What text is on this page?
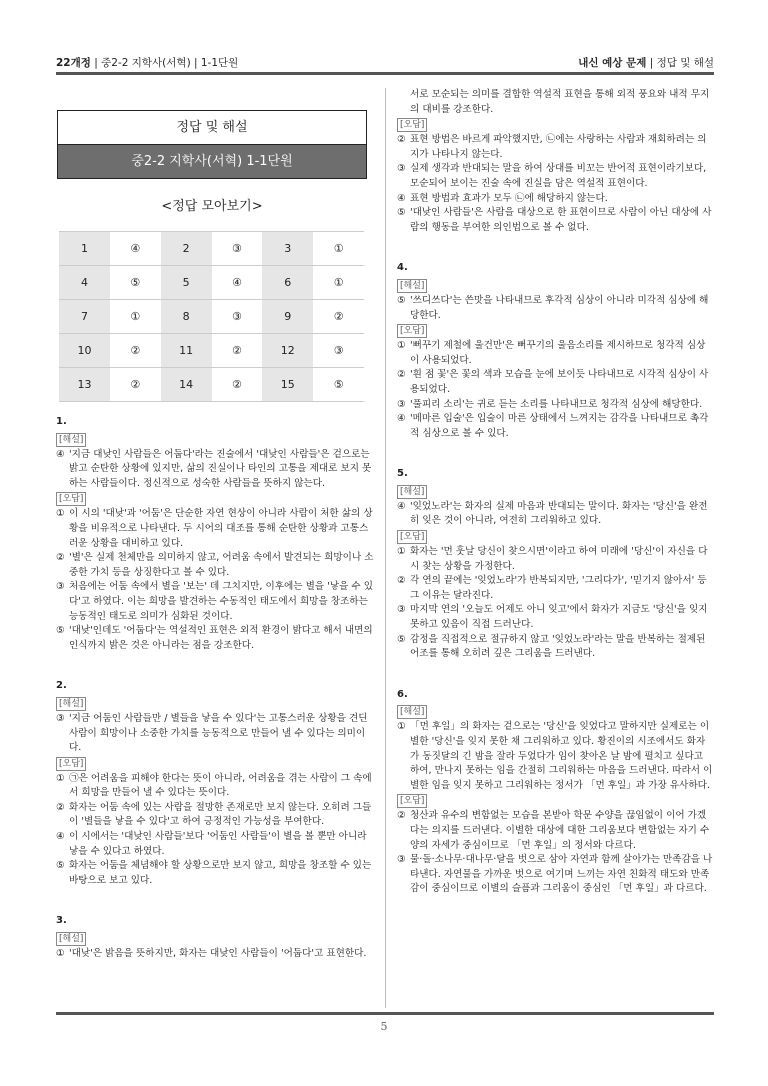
22개정 | 중2-2 지학사(서혁) | 1-1단원	내신 예상 문제 | 정답 및 해설
정답 및 해설
중2-2 지학사(서혁) 1-1단원
<정답 모아보기>
1	④	2	③	3	①
4	⑤	5	④	6	①
7	①	8	③	9	②
10	②	11	②	12	③
13	②	14	②	15	⑤
1.
[해설]
④ '지금 대낮인 사람들은 어둡다'라는 진술에서 '대낮인 사람들'은 겉으로는 밝고 순탄한 상황에 있지만, 삶의 진실이나 타인의 고통을 제대로 보지 못하는 사람들이다. 정신적으로 성숙한 사람들을 뜻하지 않는다.
[오답]
① 이 시의 '대낮'과 '어둠'은 단순한 자연 현상이 아니라 사람이 처한 삶의 상황을 비유적으로 나타낸다. 두 시어의 대조를 통해 순탄한 상황과 고통스러운 상황을 대비하고 있다.
② '별'은 실제 천체만을 의미하지 않고, 어려움 속에서 발견되는 희망이나 소중한 가치 등을 상징한다고 볼 수 있다.
③ 처음에는 어둠 속에서 별을 '보는' 데 그치지만, 이후에는 별을 '낳을 수 있다'고 하였다. 이는 희망을 발견하는 수동적인 태도에서 희망을 창조하는 능동적인 태도로 의미가 심화된 것이다.
⑤ '대낮'인데도 '어둡다'는 역설적인 표현은 외적 환경이 밝다고 해서 내면의 인식까지 밝은 것은 아니라는 점을 강조한다.
2.
[해설]
③ '지금 어둠인 사람들만 / 별들을 낳을 수 있다'는 고통스러운 상황을 견딘 사람이 희망이나 소중한 가치를 능동적으로 만들어 낼 수 있다는 의미이다.
[오답]
① ㉠은 어려움을 피해야 한다는 뜻이 아니라, 어려움을 겪는 사람이 그 속에서 희망을 만들어 낼 수 있다는 뜻이다.
② 화자는 어둠 속에 있는 사람을 절망한 존재로만 보지 않는다. 오히려 그들이 '별들을 낳을 수 있다'고 하여 긍정적인 가능성을 부여한다.
④ 이 시에서는 '대낮인 사람들'보다 '어둠인 사람들'이 별을 볼 뿐만 아니라 낳을 수 있다고 하였다.
⑤ 화자는 어둠을 체념해야 할 상황으로만 보지 않고, 희망을 창조할 수 있는 바탕으로 보고 있다.
3.
[해설]
① '대낮'은 밝음을 뜻하지만, 화자는 대낮인 사람들이 '어둡다'고 표현한다.
서로 모순되는 의미를 결합한 역설적 표현을 통해 외적 풍요와 내적 무지의 대비를 강조한다.
[오답]
② 표현 방법은 바르게 파악했지만, ㉡에는 사랑하는 사람과 재회하려는 의지가 나타나지 않는다.
③ 실제 생각과 반대되는 말을 하여 상대를 비꼬는 반어적 표현이라기보다, 모순되어 보이는 진술 속에 진실을 담은 역설적 표현이다.
④ 표현 방법과 효과가 모두 ㉡에 해당하지 않는다.
⑤ '대낮인 사람들'은 사람을 대상으로 한 표현이므로 사람이 아닌 대상에 사람의 행동을 부여한 의인법으로 볼 수 없다.
4.
[해설]
⑤ '쓰디쓰다'는 쓴맛을 나타내므로 후각적 심상이 아니라 미각적 심상에 해당한다.
[오답]
① '뻐꾸기 제철에 울건만'은 뻐꾸기의 울음소리를 제시하므로 청각적 심상이 사용되었다.
② '흰 점 꽃'은 꽃의 색과 모습을 눈에 보이듯 나타내므로 시각적 심상이 사용되었다.
③ '풀피리 소리'는 귀로 듣는 소리를 나타내므로 청각적 심상에 해당한다.
④ '메마른 입술'은 입술이 마른 상태에서 느껴지는 감각을 나타내므로 촉각적 심상으로 볼 수 있다.
5.
[해설]
④ '잊었노라'는 화자의 실제 마음과 반대되는 말이다. 화자는 '당신'을 완전히 잊은 것이 아니라, 여전히 그리워하고 있다.
[오답]
① 화자는 '먼 훗날 당신이 찾으시면'이라고 하여 미래에 '당신'이 자신을 다시 찾는 상황을 가정한다.
② 각 연의 끝에는 '잊었노라'가 반복되지만, '그리다가', '믿기지 않아서' 등 그 이유는 달라진다.
③ 마지막 연의 '오늘도 어제도 아니 잊고'에서 화자가 지금도 '당신'을 잊지 못하고 있음이 직접 드러난다.
⑤ 감정을 직접적으로 절규하지 않고 '잊었노라'라는 말을 반복하는 절제된 어조를 통해 오히려 깊은 그리움을 드러낸다.
6.
[해설]
① 「먼 후일」의 화자는 겉으로는 '당신'을 잊었다고 말하지만 실제로는 이별한 '당신'을 잊지 못한 채 그리워하고 있다. 황진이의 시조에서도 화자가 동짓달의 긴 밤을 잘라 두었다가 임이 찾아온 날 밤에 펼치고 싶다고 하여, 만나지 못하는 임을 간절히 그리워하는 마음을 드러낸다. 따라서 이별한 임을 잊지 못하고 그리워하는 정서가 「먼 후일」과 가장 유사하다.
[오답]
② 청산과 유수의 변함없는 모습을 본받아 학문 수양을 끊임없이 이어 가겠다는 의지를 드러낸다. 이별한 대상에 대한 그리움보다 변함없는 자기 수양의 자세가 중심이므로 「먼 후일」의 정서와 다르다.
③ 물·돌·소나무·대나무·달을 벗으로 삼아 자연과 함께 살아가는 만족감을 나타낸다. 자연물을 가까운 벗으로 여기며 느끼는 자연 친화적 태도와 만족감이 중심이므로 이별의 슬픔과 그리움이 중심인 「먼 후일」과 다르다.
5
